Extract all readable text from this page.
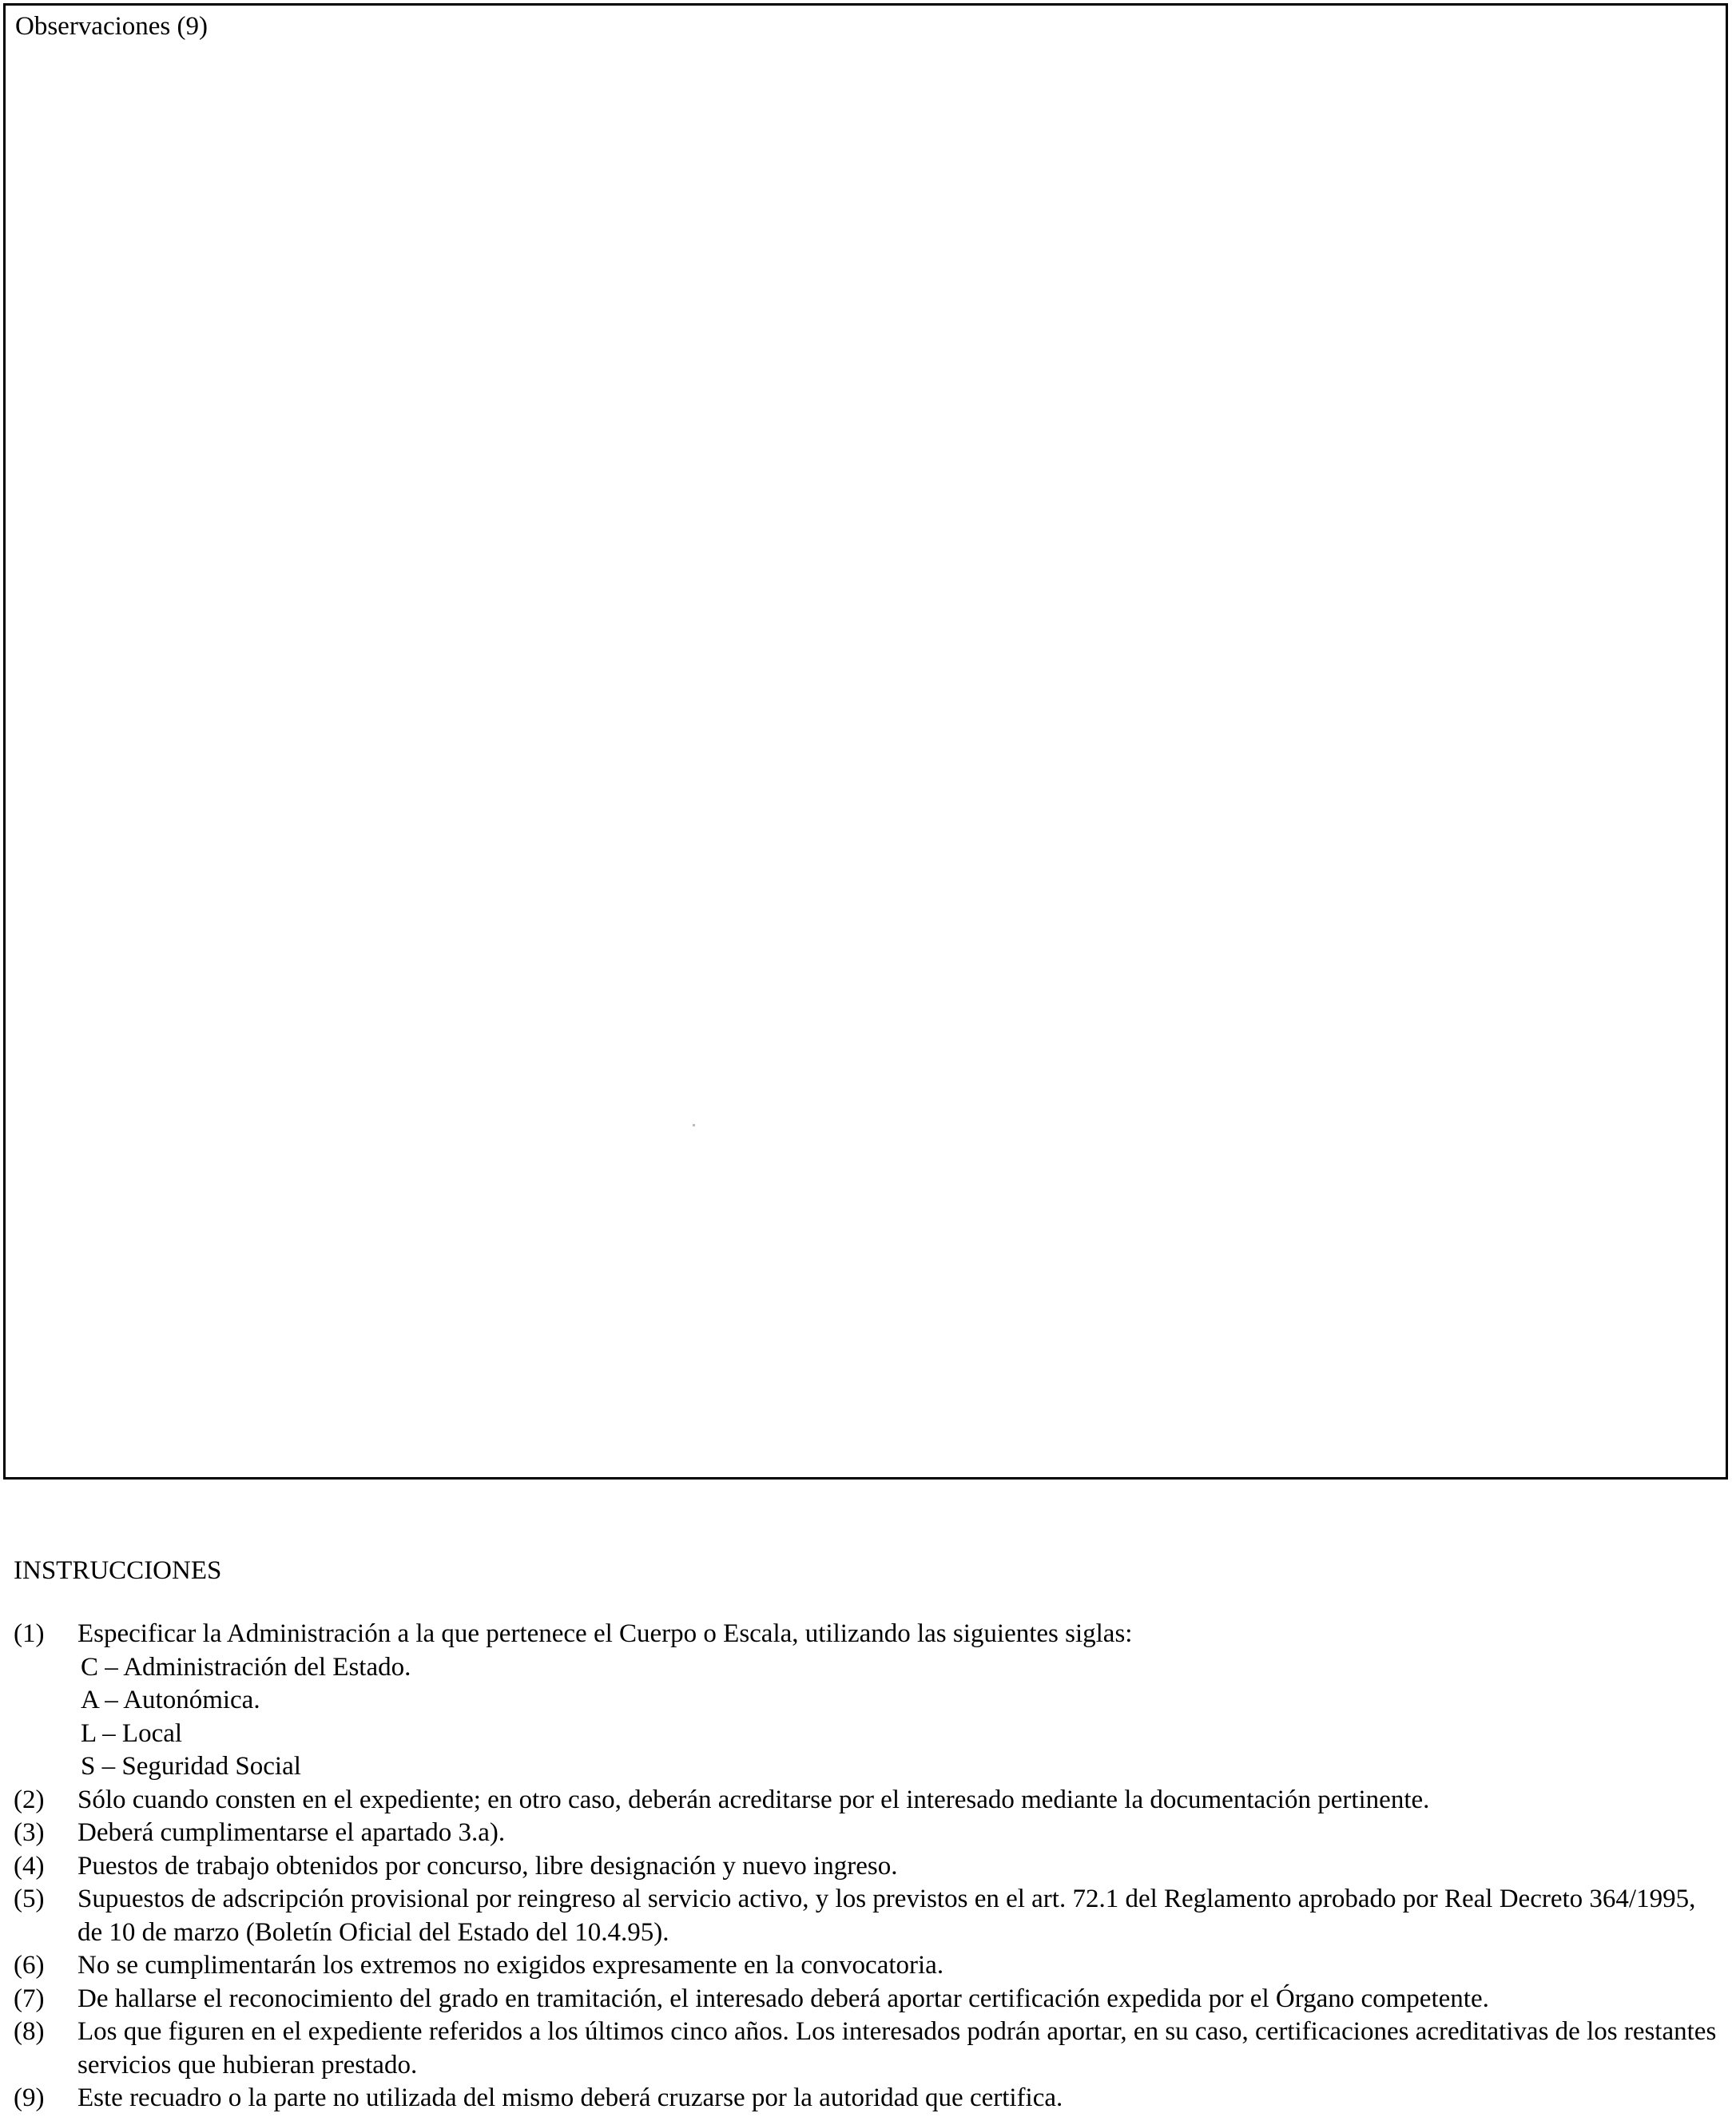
Observaciones (9)
INSTRUCCIONES
(1) Especificar la Administración a la que pertenece el Cuerpo o Escala, utilizando las siguientes siglas:
C – Administración del Estado.
A – Autonómica.
L – Local
S – Seguridad Social
(2) Sólo cuando consten en el expediente; en otro caso, deberán acreditarse por el interesado mediante la documentación pertinente.
(3) Deberá cumplimentarse el apartado 3.a).
(4) Puestos de trabajo obtenidos por concurso, libre designación y nuevo ingreso.
(5) Supuestos de adscripción provisional por reingreso al servicio activo, y los previstos en el art. 72.1 del Reglamento aprobado por Real Decreto 364/1995, de 10 de marzo (Boletín Oficial del Estado del 10.4.95).
(6) No se cumplimentarán los extremos no exigidos expresamente en la convocatoria.
(7) De hallarse el reconocimiento del grado en tramitación, el interesado deberá aportar certificación expedida por el Órgano competente.
(8) Los que figuren en el expediente referidos a los últimos cinco años. Los interesados podrán aportar, en su caso, certificaciones acreditativas de los restantes servicios que hubieran prestado.
(9) Este recuadro o la parte no utilizada del mismo deberá cruzarse por la autoridad que certifica.
